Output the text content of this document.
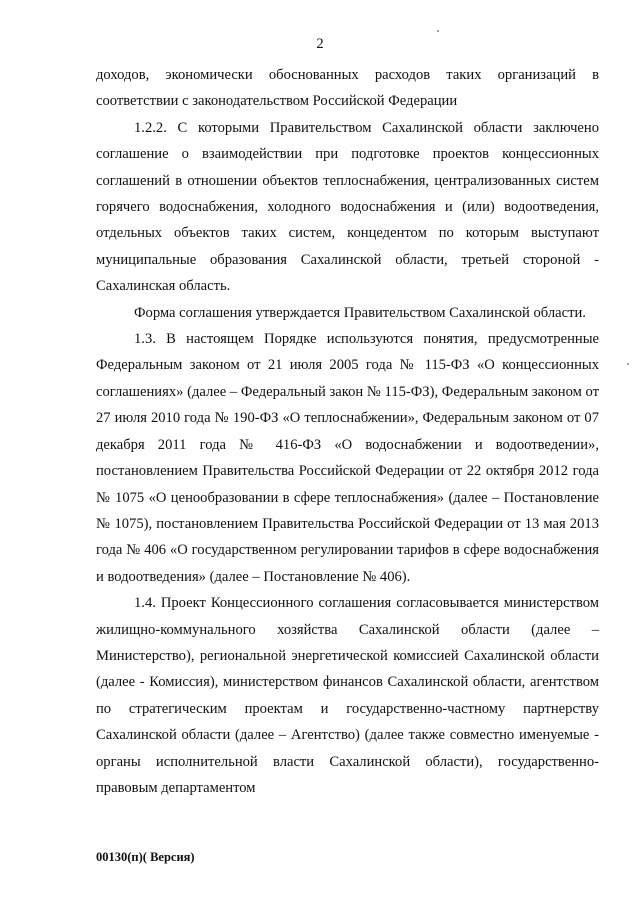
2

доходов, экономически обоснованных расходов таких организаций в соответствии с законодательством Российской Федерации

1.2.2. С которыми Правительством Сахалинской области заключено соглашение о взаимодействии при подготовке проектов концессионных соглашений в отношении объектов теплоснабжения, централизованных систем горячего водоснабжения, холодного водоснабжения и (или) водоотведения, отдельных объектов таких систем, концедентом по которым выступают муниципальные образования Сахалинской области, третьей стороной - Сахалинская область.

Форма соглашения утверждается Правительством Сахалинской области.

1.3. В настоящем Порядке используются понятия, предусмотренные Федеральным законом от 21 июля 2005 года № 115-ФЗ «О концессионных соглашениях» (далее – Федеральный закон № 115-ФЗ), Федеральным законом от 27 июля 2010 года № 190-ФЗ «О теплоснабжении», Федеральным законом от 07 декабря 2011 года № 416-ФЗ «О водоснабжении и водоотведении», постановлением Правительства Российской Федерации от 22 октября 2012 года № 1075 «О ценообразовании в сфере теплоснабжения» (далее – Постановление № 1075), постановлением Правительства Российской Федерации от 13 мая 2013 года № 406 «О государственном регулировании тарифов в сфере водоснабжения и водоотведения» (далее – Постановление № 406).

1.4. Проект Концессионного соглашения согласовывается министерством жилищно-коммунального хозяйства Сахалинской области (далее – Министерство), региональной энергетической комиссией Сахалинской области (далее - Комиссия), министерством финансов Сахалинской области, агентством по стратегическим проектам и государственно-частному партнерству Сахалинской области (далее – Агентство) (далее также совместно именуемые - органы исполнительной власти Сахалинской области), государственно-правовым департаментом

00130(п)( Версия)
